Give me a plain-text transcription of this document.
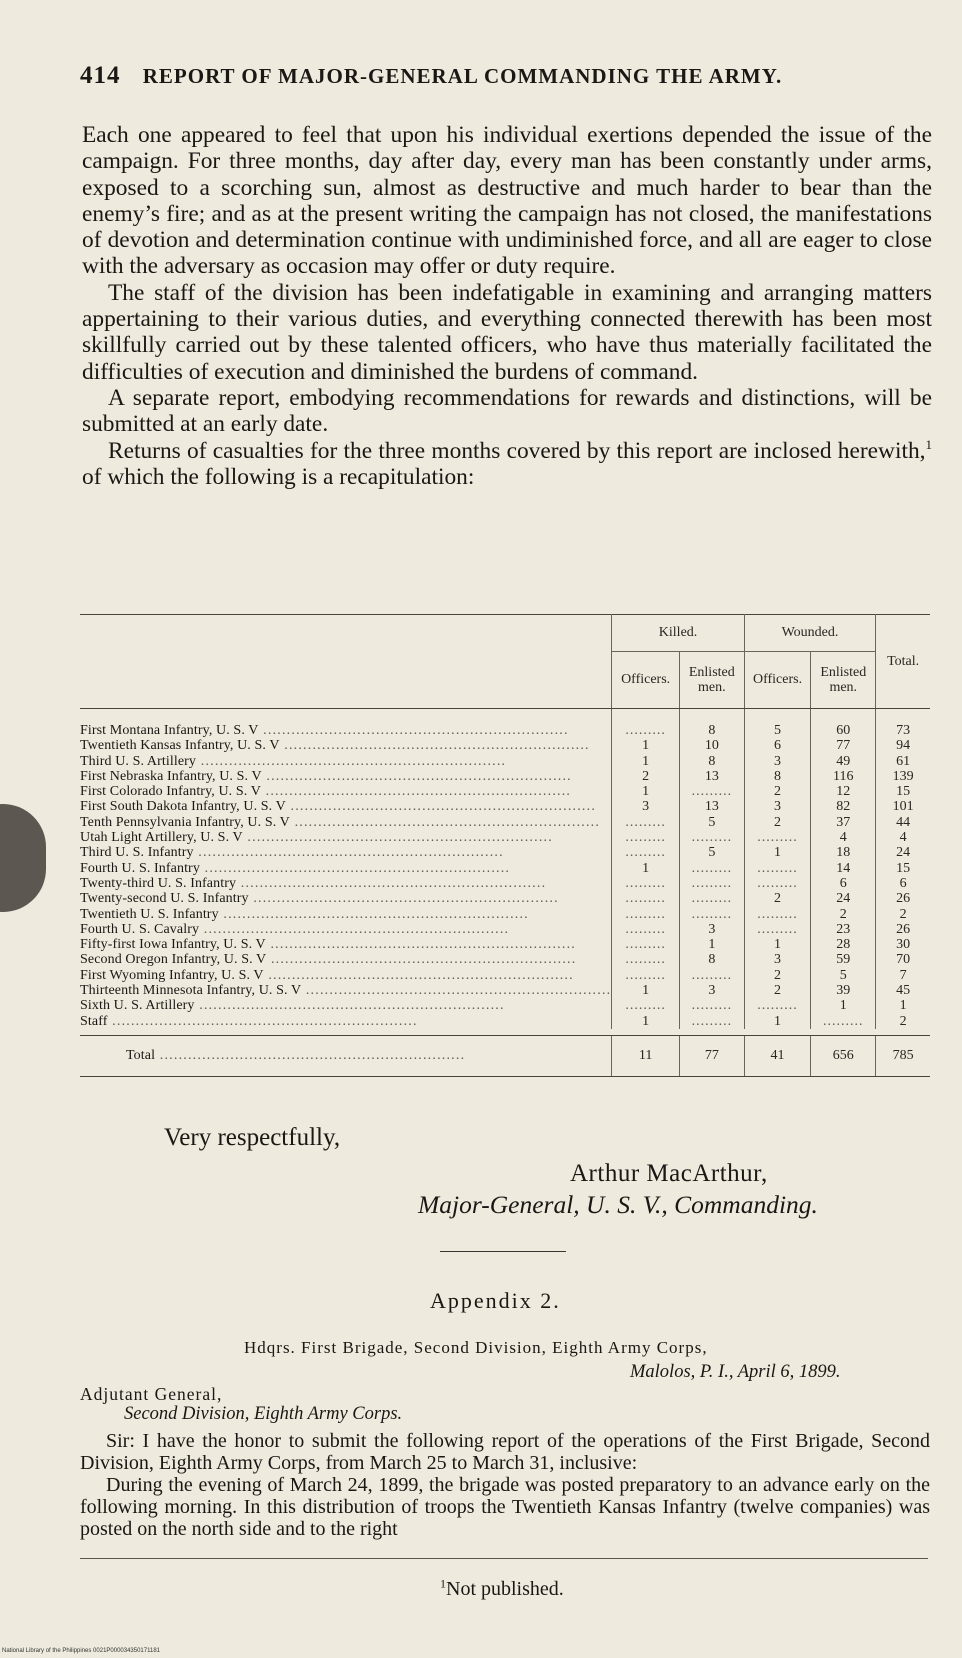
414 REPORT OF MAJOR-GENERAL COMMANDING THE ARMY.

Each one appeared to feel that upon his individual exertions depended the issue of the campaign. For three months, day after day, every man has been constantly under arms, exposed to a scorching sun, almost as destructive and much harder to bear than the enemy’s fire; and as at the present writing the campaign has not closed, the manifestations of devotion and determination continue with undiminished force, and all are eager to close with the adversary as occasion may offer or duty require.

The staff of the division has been indefatigable in examining and arranging matters appertaining to their various duties, and everything connected therewith has been most skillfully carried out by these talented officers, who have thus materially facilitated the difficulties of execution and diminished the burdens of command.

A separate report, embodying recommendations for rewards and distinctions, will be submitted at an early date.

Returns of casualties for the three months covered by this report are inclosed herewith,$^1$ of which the following is a recapitulation:

	Killed.		Wounded.		Total.
	Officers.	Enlisted men.	Officers.	Enlisted men.	
First Montana Infantry, U. S. V .................................................................	.........	8	5	60	73
Twentieth Kansas Infantry, U. S. V .................................................................	1	10	6	77	94
Third U. S. Artillery .................................................................	1	8	3	49	61
First Nebraska Infantry, U. S. V .................................................................	2	13	8	116	139
First Colorado Infantry, U. S. V .................................................................	1	.........	2	12	15
First South Dakota Infantry, U. S. V .................................................................	3	13	3	82	101
Tenth Pennsylvania Infantry, U. S. V .................................................................	.........	5	2	37	44
Utah Light Artillery, U. S. V .................................................................	.........	.........	.........	4	4
Third U. S. Infantry .................................................................	.........	5	1	18	24
Fourth U. S. Infantry .................................................................	1	.........	.........	14	15
Twenty-third U. S. Infantry .................................................................	.........	.........	.........	6	6
Twenty-second U. S. Infantry .................................................................	.........	.........	2	24	26
Twentieth U. S. Infantry .................................................................	.........	.........	.........	2	2
Fourth U. S. Cavalry .................................................................	.........	3	.........	23	26
Fifty-first Iowa Infantry, U. S. V .................................................................	.........	1	1	28	30
Second Oregon Infantry, U. S. V .................................................................	.........	8	3	59	70
First Wyoming Infantry, U. S. V .................................................................	.........	.........	2	5	7
Thirteenth Minnesota Infantry, U. S. V .................................................................	1	3	2	39	45
Sixth U. S. Artillery .................................................................	.........	.........	.........	1	1
Staff .................................................................	1	.........	1	.........	2

Total .................................................................	11	77	41	656	785
Very respectfully,
Arthur MacArthur,
Major-General, U. S. V., Commanding.
Appendix 2.
Hdqrs. First Brigade, Second Division, Eighth Army Corps,
Malolos, P. I., April 6, 1899.
Adjutant General,
Second Division, Eighth Army Corps.

Sir: I have the honor to submit the following report of the operations of the First Brigade, Second Division, Eighth Army Corps, from March 25 to March 31, inclusive:

During the evening of March 24, 1899, the brigade was posted preparatory to an advance early on the following morning. In this distribution of troops the Twentieth Kansas Infantry (twelve companies) was posted on the north side and to the right

$^1$Not published.
National Library of the Philippines 0021P000034350171181
